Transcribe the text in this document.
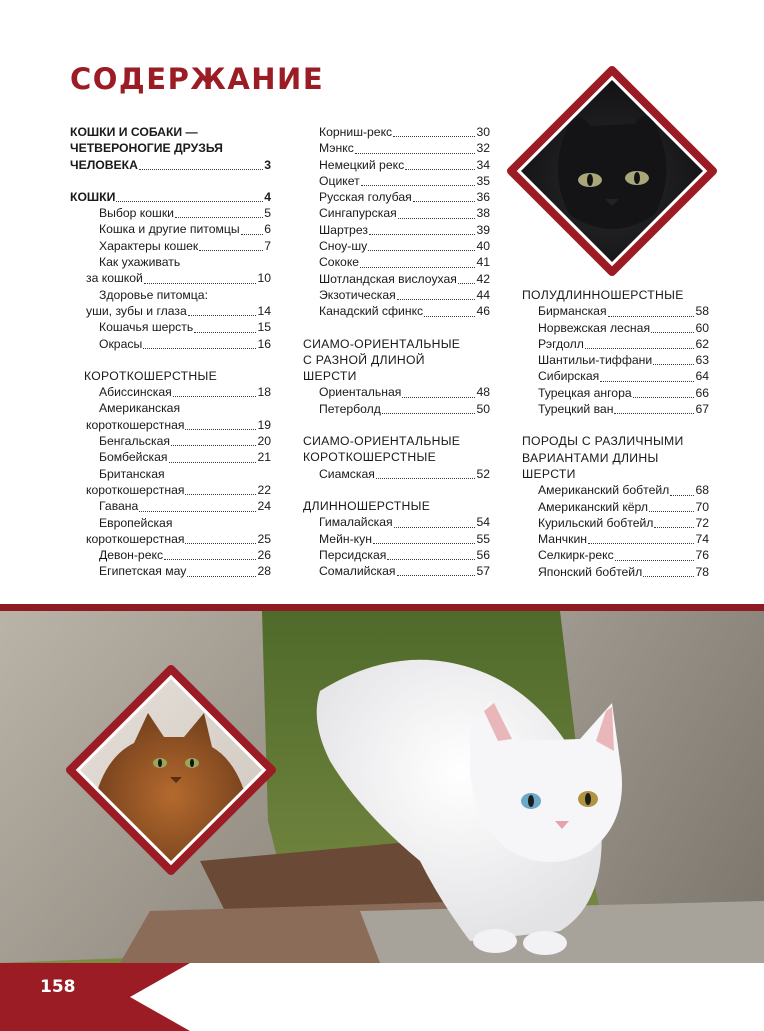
СОДЕРЖАНИЕ
КОШКИ И СОБАКИ —
ЧЕТВЕРОНОГИЕ ДРУЗЬЯ
ЧЕЛОВЕКА	3
КОШКИ	4
Выбор кошки	5
Кошка и другие питомцы 6
Характеры кошек	7
Как ухаживать
за кошкой	10
Здоровье питомца:
уши, зубы и глаза	14
Кошачья шерсть	15
Окрасы	16
КОРОТКОШЕРСТНЫЕ
Абиссинская	18
Американская
короткошерстная	19
Бенгальская	20
Бомбейская	21
Британская
короткошерстная	22
Гавана	24
Европейская
короткошерстная	25
Девон-рекс	26
Египетская мау	28
Корниш-рекс	30
Мэнкс	32
Немецкий рекс	34
Оцикет	35
Русская голубая	36
Сингапурская	38
Шартрез	39
Сноу-шу	40
Сококе	41
Шотландская вислоухая 42
Экзотическая	44
Канадский сфинкс	46
СИАМО-ОРИЕНТАЛЬНЫЕ
С РАЗНОЙ ДЛИНОЙ
ШЕРСТИ
Ориентальная	48
Петерболд	50
СИАМО-ОРИЕНТАЛЬНЫЕ
КОРОТКОШЕРСТНЫЕ
Сиамская	52
ДЛИННОШЕРСТНЫЕ
Гималайская	54
Мейн-кун	55
Персидская	56
Сомалийская	57
ПОЛУДЛИННОШЕРСТНЫЕ
Бирманская	58
Норвежская лесная	60
Рэгдолл	62
Шантильи-тиффани	63
Сибирская	64
Турецкая ангора	66
Турецкий ван	67
ПОРОДЫ С РАЗЛИЧНЫМИ
ВАРИАНТАМИ ДЛИНЫ
ШЕРСТИ
Американский бобтейл 68
Американский кёрл	70
Курильский бобтейл	72
Манчкин	74
Селкирк-рекс	76
Японский бобтейл	78
158
